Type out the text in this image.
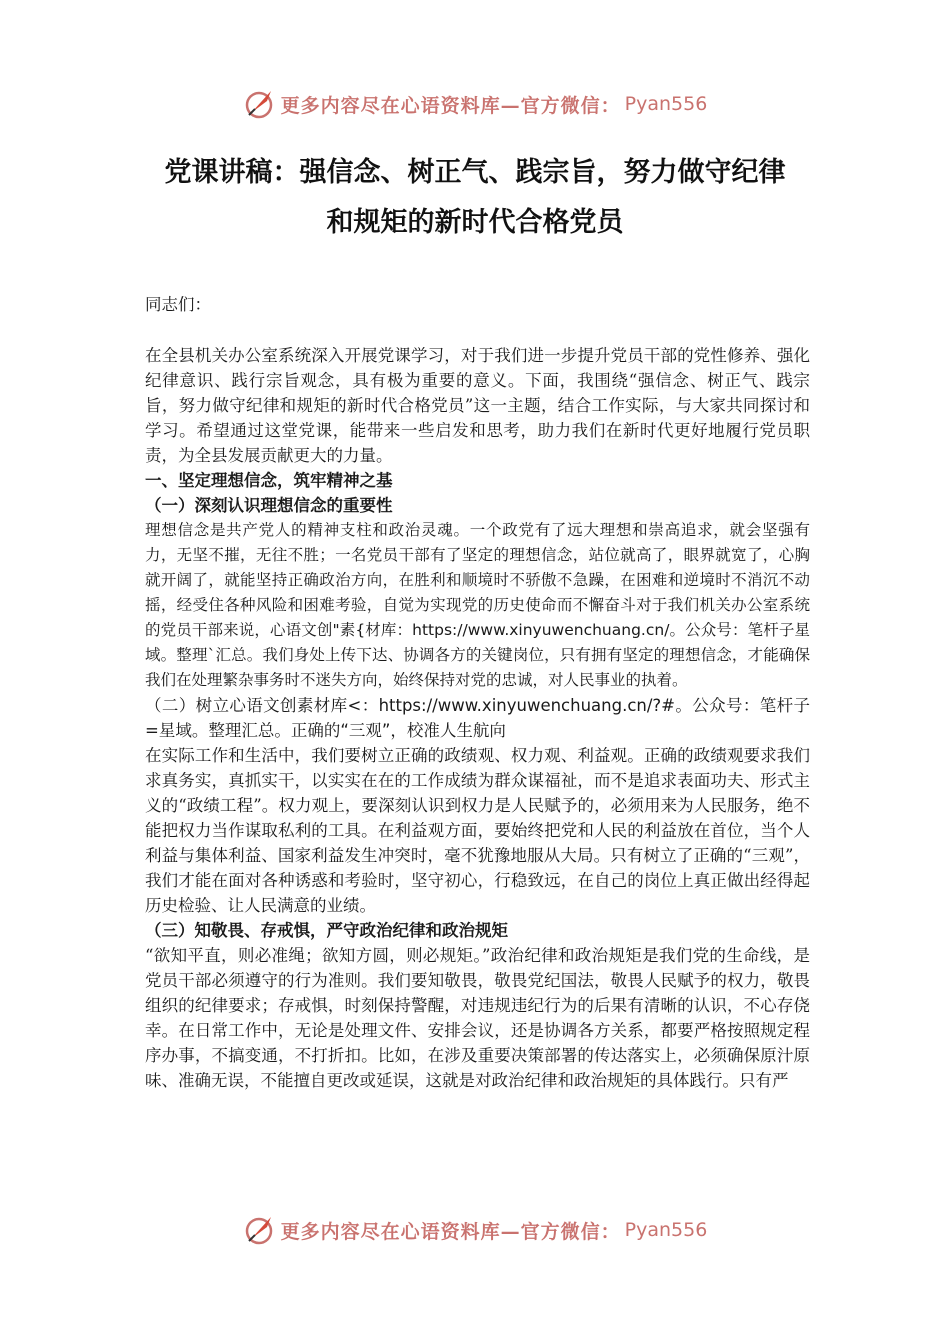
更多内容尽在心语资料库—官方微信： Pyan556
党课讲稿：强信念、树正气、践宗旨，努力做守纪律
和规矩的新时代合格党员

同志们：

在全县机关办公室系统深入开展党课学习，对于我们进一步提升党员干部的党性修养、强化纪律意识、践行宗旨观念，具有极为重要的意义。下面，我围绕“强信念、树正气、践宗旨，努力做守纪律和规矩的新时代合格党员”这一主题，结合工作实际，与大家共同探讨和学习。希望通过这堂党课，能带来一些启发和思考，助力我们在新时代更好地履行党员职责，为全县发展贡献更大的力量。

一、坚定理想信念，筑牢精神之基

（一）深刻认识理想信念的重要性

理想信念是共产党人的精神支柱和政治灵魂。一个政党有了远大理想和崇高追求，就会坚强有力，无坚不摧，无往不胜；一名党员干部有了坚定的理想信念，站位就高了，眼界就宽了，心胸就开阔了，就能坚持正确政治方向，在胜利和顺境时不骄傲不急躁，在困难和逆境时不消沉不动摇，经受住各种风险和困难考验，自觉为实现党的历史使命而不懈奋斗对于我们机关办公室系统的党员干部来说，心语文创"素{材库：https://www.xinyuwenchuang.cn/。公众号：笔杆子星域。整理`汇总。我们身处上传下达、协调各方的关键岗位，只有拥有坚定的理想信念，才能确保我们在处理繁杂事务时不迷失方向，始终保持对党的忠诚，对人民事业的执着。

（二）树立心语文创素材库<：https://www.xinyuwenchuang.cn/?#。公众号：笔杆子=星域。整理汇总。正确的“三观”，校准人生航向

在实际工作和生活中，我们要树立正确的政绩观、权力观、利益观。正确的政绩观要求我们求真务实，真抓实干，以实实在在的工作成绩为群众谋福祉，而不是追求表面功夫、形式主义的“政绩工程”。权力观上，要深刻认识到权力是人民赋予的，必须用来为人民服务，绝不能把权力当作谋取私利的工具。在利益观方面，要始终把党和人民的利益放在首位，当个人利益与集体利益、国家利益发生冲突时，毫不犹豫地服从大局。只有树立了正确的“三观”，我们才能在面对各种诱惑和考验时，坚守初心，行稳致远，在自己的岗位上真正做出经得起历史检验、让人民满意的业绩。

（三）知敬畏、存戒惧，严守政治纪律和政治规矩

“欲知平直，则必准绳；欲知方圆，则必规矩。”政治纪律和政治规矩是我们党的生命线，是党员干部必须遵守的行为准则。我们要知敬畏，敬畏党纪国法，敬畏人民赋予的权力，敬畏组织的纪律要求；存戒惧，时刻保持警醒，对违规违纪行为的后果有清晰的认识，不心存侥幸。在日常工作中，无论是处理文件、安排会议，还是协调各方关系，都要严格按照规定程序办事，不搞变通，不打折扣。比如，在涉及重要决策部署的传达落实上，必须确保原汁原味、准确无误，不能擅自更改或延误，这就是对政治纪律和政治规矩的具体践行。只有严

更多内容尽在心语资料库—官方微信： Pyan556
